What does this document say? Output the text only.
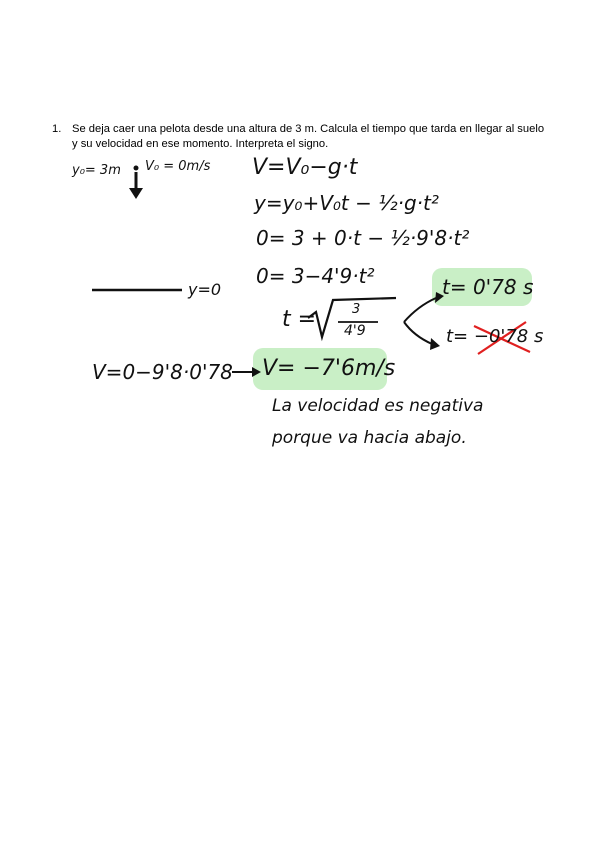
1. Se deja caer una pelota desde una altura de 3 m. Calcula el tiempo que tarda en llegar al suelo y su velocidad en ese momento. Interpreta el signo.
y₀= 3m V₀ = 0m/s
y=0
V=V₀−g·t
y=y₀+V₀t − ½·g·t²
0= 3 + 0·t − ½·9'8·t²
0= 3−4'9·t²
t =	3
4'9
t= 0'78 s
t= −0'78 s
V=0−9'8·0'78 V= −7'6m/s
La velocidad es negativa
porque va hacia abajo.
